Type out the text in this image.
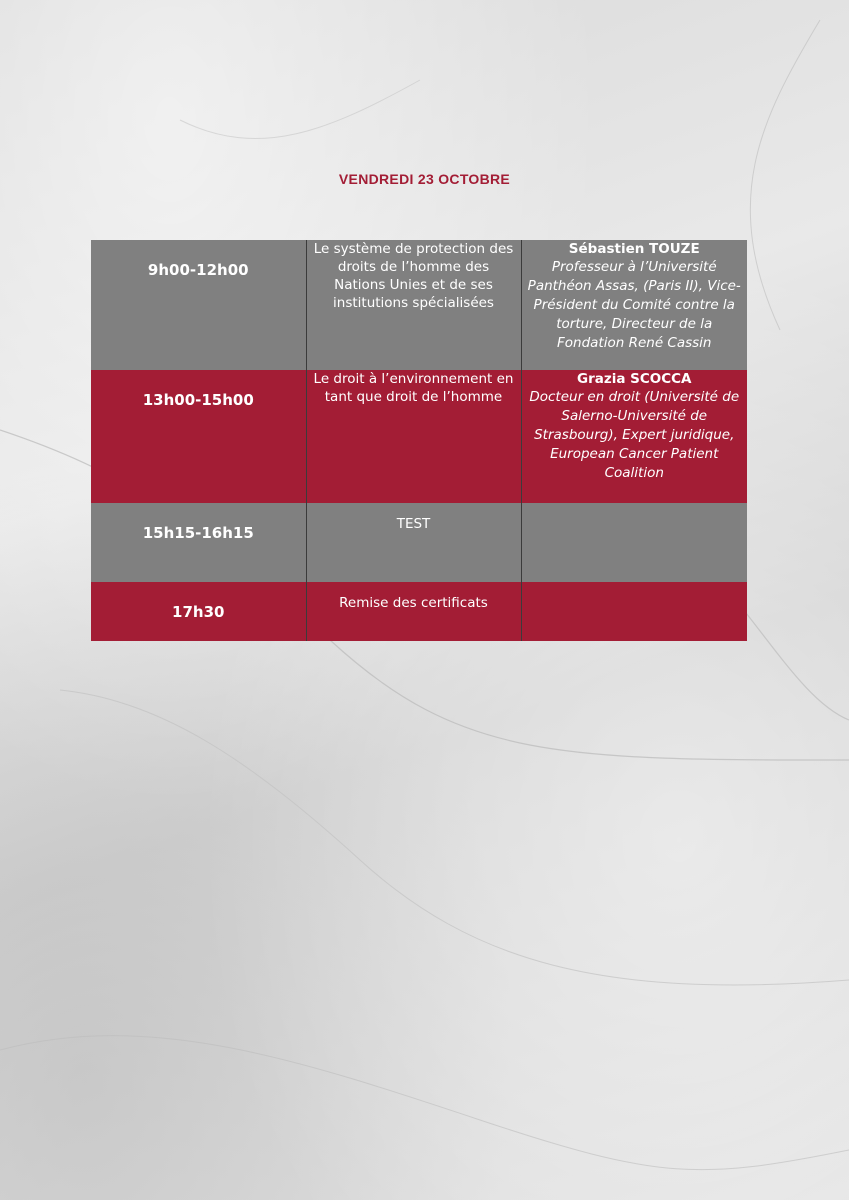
VENDREDI 23 OCTOBRE
9h00-12h00	Le système de protection des droits de l’homme des Nations Unies et de ses institutions spécialisées	Sébastien TOUZE
Professeur à l’Université Panthéon Assas, (Paris II), Vice-Président du Comité contre la torture, Directeur de la Fondation René Cassin

13h00-15h00	Le droit à l’environnement en tant que droit de l’homme	Grazia SCOCCA
Docteur en droit (Université de Salerno-Université de Strasbourg), Expert juridique, European Cancer Patient Coalition

15h15-16h15	TEST	

17h30	Remise des certificats	
